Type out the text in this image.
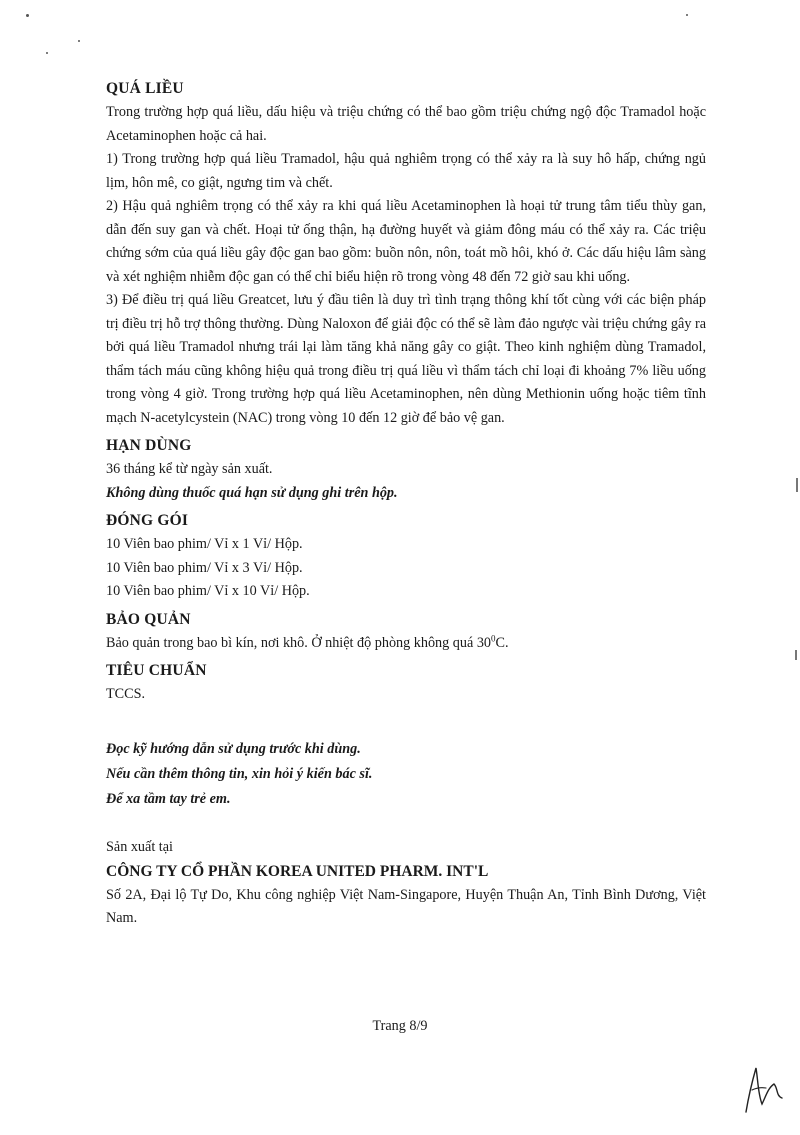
QUÁ LIỀU

Trong trường hợp quá liều, dấu hiệu và triệu chứng có thể bao gồm triệu chứng ngộ độc Tramadol hoặc Acetaminophen hoặc cả hai.

1) Trong trường hợp quá liều Tramadol, hậu quả nghiêm trọng có thể xảy ra là suy hô hấp, chứng ngủ lịm, hôn mê, co giật, ngưng tim và chết.

2) Hậu quả nghiêm trọng có thể xảy ra khi quá liều Acetaminophen là hoại tử trung tâm tiểu thùy gan, dẫn đến suy gan và chết. Hoại tử ống thận, hạ đường huyết và giảm đông máu có thể xảy ra. Các triệu chứng sớm của quá liều gây độc gan bao gồm: buồn nôn, nôn, toát mồ hôi, khó ở. Các dấu hiệu lâm sàng và xét nghiệm nhiễm độc gan có thể chỉ biểu hiện rõ trong vòng 48 đến 72 giờ sau khi uống.

3) Để điều trị quá liều Greatcet, lưu ý đầu tiên là duy trì tình trạng thông khí tốt cùng với các biện pháp trị điều trị hỗ trợ thông thường. Dùng Naloxon để giải độc có thể sẽ làm đảo ngược vài triệu chứng gây ra bởi quá liều Tramadol nhưng trái lại làm tăng khả năng gây co giật. Theo kinh nghiệm dùng Tramadol, thẩm tách máu cũng không hiệu quả trong điều trị quá liều vì thẩm tách chỉ loại đi khoảng 7% liều uống trong vòng 4 giờ. Trong trường hợp quá liều Acetaminophen, nên dùng Methionin uống hoặc tiêm tĩnh mạch N-acetylcystein (NAC) trong vòng 10 đến 12 giờ để bảo vệ gan.

HẠN DÙNG

36 tháng kể từ ngày sản xuất.

Không dùng thuốc quá hạn sử dụng ghi trên hộp.

ĐÓNG GÓI

10 Viên bao phim/ Vỉ x 1 Vỉ/ Hộp.

10 Viên bao phim/ Vỉ x 3 Vỉ/ Hộp.

10 Viên bao phim/ Vỉ x 10 Vỉ/ Hộp.

BẢO QUẢN

Bảo quản trong bao bì kín, nơi khô. Ở nhiệt độ phòng không quá $30^0C$.

TIÊU CHUẨN

TCCS.

Đọc kỹ hướng dẫn sử dụng trước khi dùng.

Nếu cần thêm thông tin, xin hỏi ý kiến bác sĩ.

Để xa tầm tay trẻ em.

Sản xuất tại

CÔNG TY CỔ PHẦN KOREA UNITED PHARM. INT'L

Số 2A, Đại lộ Tự Do, Khu công nghiệp Việt Nam-Singapore, Huyện Thuận An, Tỉnh Bình Dương, Việt Nam.

Trang 8/9
